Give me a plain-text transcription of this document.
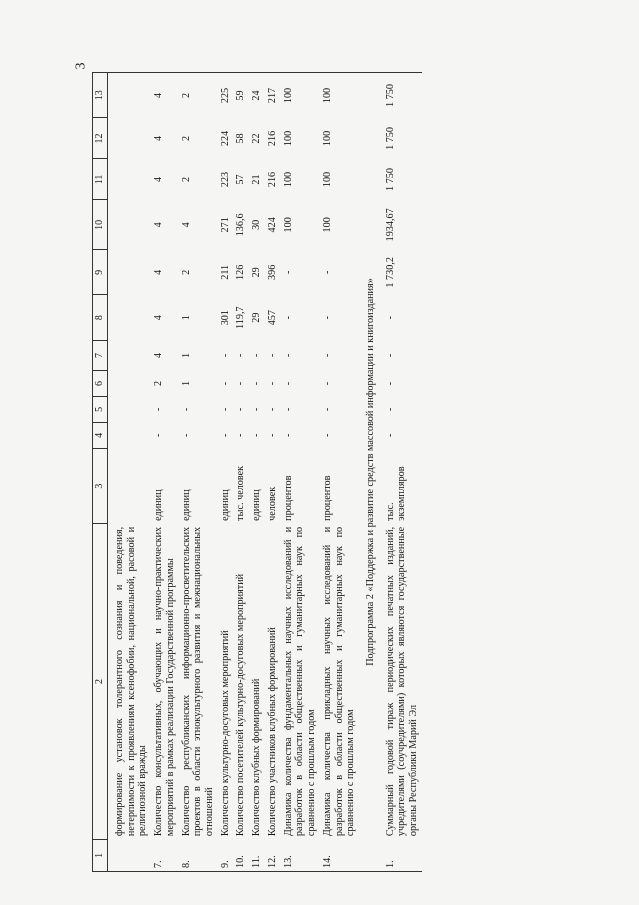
3
1	2	3	4	5	6	7	8	9	10	11	12	13
	формирование установок толерантного сознания и поведения, нетерпимости к проявлениям ксенофобии, национальной, расовой и религиозной вражды											
7.	Количество консультативных, обучающих и научно-практических мероприятий в рамках реализации Государственной программы	единиц	-	-	2	4	4	4	4	4	4	4
8.	Количество республиканских информационно-просветительских проектов в области этнокультурного развития и межнациональных отношений	единиц	-	-	1	1	1	2	4	2	2	2
9.	Количество культурно-досуговых мероприятий	единиц	-	-	-	-	301	211	271	223	224	225
10.	Количество посетителей культурно-досуговых мероприятий	тыс. человек	-	-	-	-	119,7	126	136,6	57	58	59
11.	Количество клубных формирований	единиц	-	-	-	-	29	29	30	21	22	24
12.	Количество участников клубных формирований	человек	-	-	-	-	457	396	424	216	216	217
13.	Динамика количества фундаментальных научных исследований и разработок в области общественных и гуманитарных наук по сравнению с прошлым годом	процентов	-	-	-	-	-	-	100	100	100	100
14.	Динамика количества прикладных научных исследований и разработок в области общественных и гуманитарных наук по сравнению с прошлым годом	процентов	-	-	-	-	-	-	100	100	100	100
Подпрограмма 2 «Поддержка и развитие средств массовой информации и книгоиздания»												
1.	Суммарный годовой тираж периодических печатных изданий, учредителями (соучредителями) которых являются государственные органы Республики Марий Эл	тыс. экземпляров	-	-	-	-	-	1 730,2	1934,67	1 750	1 750	1 750
